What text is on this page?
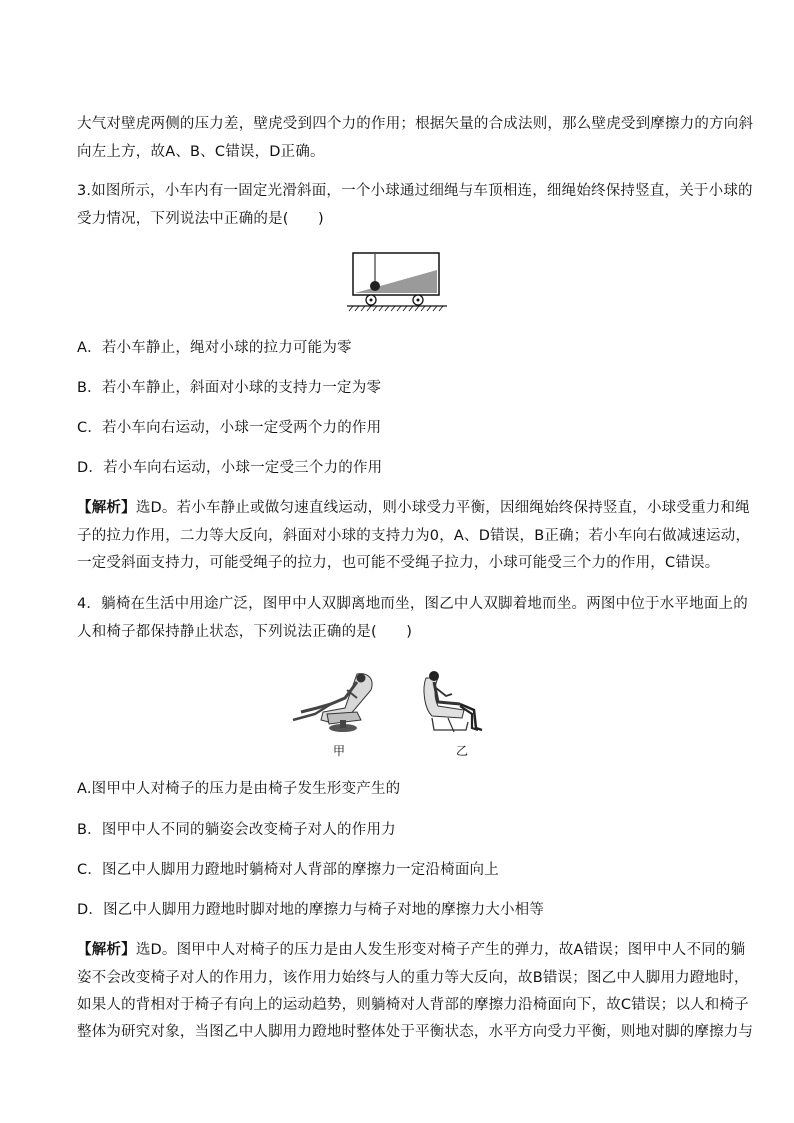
大气对壁虎两侧的压力差，壁虎受到四个力的作用；根据矢量的合成法则，那么壁虎受到摩擦力的方向斜
向左上方，故A、B、C错误，D正确。
3.如图所示，小车内有一固定光滑斜面，一个小球通过细绳与车顶相连，细绳始终保持竖直，关于小球的
受力情况，下列说法中正确的是(　　)
A．若小车静止，绳对小球的拉力可能为零
B．若小车静止，斜面对小球的支持力一定为零
C．若小车向右运动，小球一定受两个力的作用
D．若小车向右运动，小球一定受三个力的作用
【解析】选D。若小车静止或做匀速直线运动，则小球受力平衡，因细绳始终保持竖直，小球受重力和绳
子的拉力作用，二力等大反向，斜面对小球的支持力为0，A、D错误，B正确；若小车向右做减速运动，
一定受斜面支持力，可能受绳子的拉力，也可能不受绳子拉力，小球可能受三个力的作用，C错误。
4．躺椅在生活中用途广泛，图甲中人双脚离地而坐，图乙中人双脚着地而坐。两图中位于水平地面上的
人和椅子都保持静止状态，下列说法正确的是(　　)
甲	乙
A.图甲中人对椅子的压力是由椅子发生形变产生的
B．图甲中人不同的躺姿会改变椅子对人的作用力
C．图乙中人脚用力蹬地时躺椅对人背部的摩擦力一定沿椅面向上
D．图乙中人脚用力蹬地时脚对地的摩擦力与椅子对地的摩擦力大小相等
【解析】选D。图甲中人对椅子的压力是由人发生形变对椅子产生的弹力，故A错误；图甲中人不同的躺
姿不会改变椅子对人的作用力，该作用力始终与人的重力等大反向，故B错误；图乙中人脚用力蹬地时，
如果人的背相对于椅子有向上的运动趋势，则躺椅对人背部的摩擦力沿椅面向下，故C错误；以人和椅子
整体为研究对象，当图乙中人脚用力蹬地时整体处于平衡状态，水平方向受力平衡，则地对脚的摩擦力与
